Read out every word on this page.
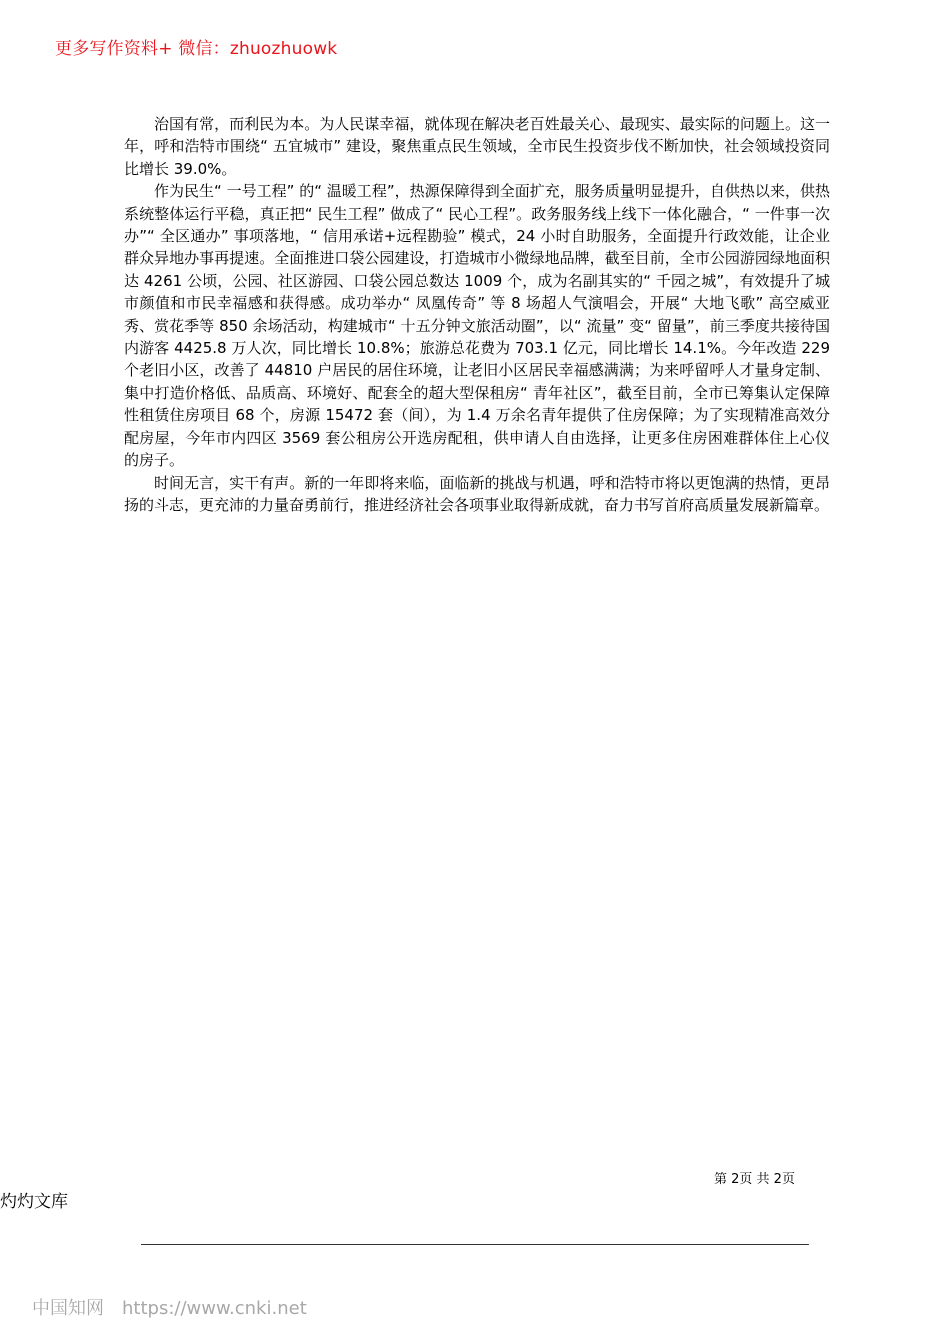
更多写作资料+ 微信：zhuozhuowk

治国有常，而利民为本。为人民谋幸福，就体现在解决老百姓最关心、最现实、最实际的问题上。这一年，呼和浩特市围绕“ 五宜城市” 建设，聚焦重点民生领域，全市民生投资步伐不断加快，社会领域投资同比增长 39.0%。

作为民生“ 一号工程” 的“ 温暖工程”，热源保障得到全面扩充，服务质量明显提升，自供热以来，供热系统整体运行平稳，真正把“ 民生工程” 做成了“ 民心工程”。政务服务线上线下一体化融合，“ 一件事一次办”“ 全区通办” 事项落地，“ 信用承诺+远程勘验” 模式，24 小时自助服务，全面提升行政效能，让企业群众异地办事再提速。全面推进口袋公园建设，打造城市小微绿地品牌，截至目前，全市公园游园绿地面积达 4261 公顷，公园、社区游园、口袋公园总数达 1009 个，成为名副其实的“ 千园之城”，有效提升了城市颜值和市民幸福感和获得感。成功举办“ 凤凰传奇” 等 8 场超人气演唱会，开展“ 大地飞歌” 高空威亚秀、赏花季等 850 余场活动，构建城市“ 十五分钟文旅活动圈”，以“ 流量” 变“ 留量”，前三季度共接待国内游客 4425.8 万人次，同比增长 10.8%；旅游总花费为 703.1 亿元，同比增长 14.1%。今年改造 229 个老旧小区，改善了 44810 户居民的居住环境，让老旧小区居民幸福感满满；为来呼留呼人才量身定制、集中打造价格低、品质高、环境好、配套全的超大型保租房“ 青年社区”，截至目前，全市已筹集认定保障性租赁住房项目 68 个，房源 15472 套（间），为 1.4 万余名青年提供了住房保障；为了实现精准高效分配房屋，今年市内四区 3569 套公租房公开选房配租，供申请人自由选择，让更多住房困难群体住上心仪的房子。

时间无言，实干有声。新的一年即将来临，面临新的挑战与机遇，呼和浩特市将以更饱满的热情，更昂扬的斗志，更充沛的力量奋勇前行，推进经济社会各项事业取得新成就，奋力书写首府高质量发展新篇章。

第 2页 共 2页
灼灼文库
中国知网 https://www.cnki.net
